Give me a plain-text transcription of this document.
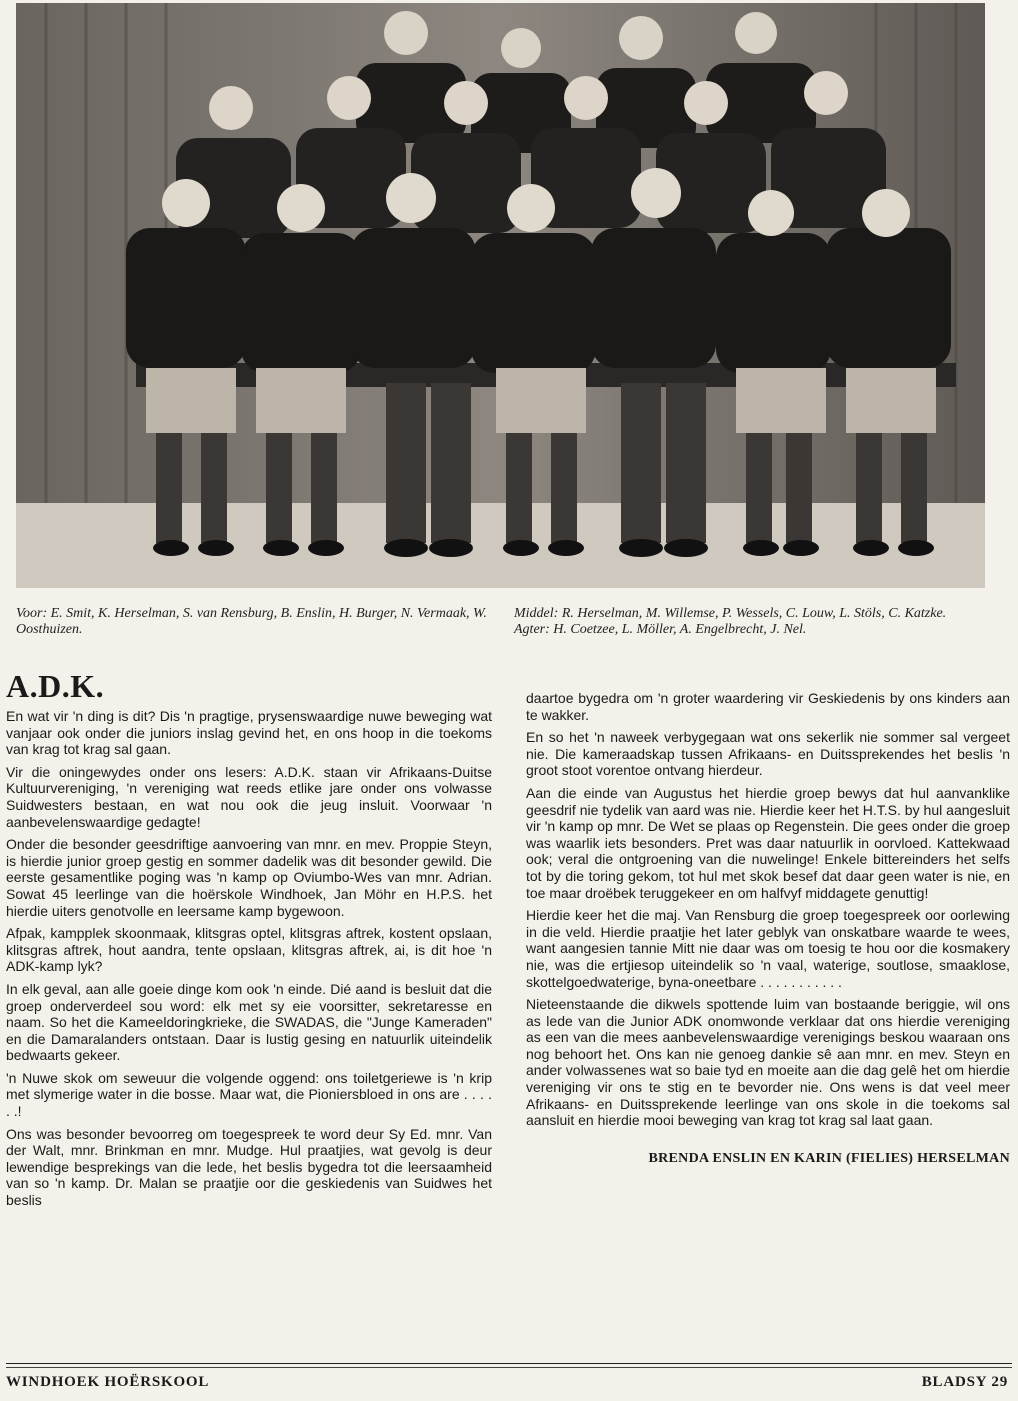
Voor: E. Smit, K. Herselman, S. van Rensburg, B. Enslin, H. Burger, N. Vermaak, W. Oosthuizen.

Middel: R. Herselman, M. Willemse, P. Wessels, C. Louw, L. Stöls, C. Katzke.

Agter: H. Coetzee, L. Möller, A. Engelbrecht, J. Nel.

A.D.K.

En wat vir 'n ding is dit? Dis 'n pragtige, prysenswaardige nuwe beweging wat vanjaar ook onder die juniors inslag gevind het, en ons hoop in die toekoms van krag tot krag sal gaan.

Vir die oningewydes onder ons lesers: A.D.K. staan vir Afrikaans-Duitse Kultuurvereniging, 'n vereniging wat reeds etlike jare onder ons volwasse Suidwesters bestaan, en wat nou ook die jeug insluit. Voorwaar 'n aanbevelenswaardige gedagte!

Onder die besonder geesdriftige aanvoering van mnr. en mev. Proppie Steyn, is hierdie junior groep gestig en sommer dadelik was dit besonder gewild. Die eerste gesamentlike poging was 'n kamp op Oviumbo-Wes van mnr. Adrian. Sowat 45 leerlinge van die hoërskole Windhoek, Jan Möhr en H.P.S. het hierdie uiters genotvolle en leersame kamp bygewoon.

Afpak, kampplek skoonmaak, klitsgras optel, klitsgras aftrek, kostent opslaan, klitsgras aftrek, hout aandra, tente opslaan, klitsgras aftrek, ai, is dit hoe 'n ADK-kamp lyk?

In elk geval, aan alle goeie dinge kom ook 'n einde. Dié aand is besluit dat die groep onderverdeel sou word: elk met sy eie voorsitter, sekretaresse en naam. So het die Kameeldoringkriekе, die SWADAS, die "Junge Kameraden" en die Damaralanders ontstaan. Daar is lustig gesing en natuurlik uiteindelik bedwaarts gekeer.

'n Nuwe skok om seweuur die volgende oggend: ons toiletgeriewe is 'n krip met slymerige water in die bosse. Maar wat, die Pioniersbloed in ons are . . . . . .!

Ons was besonder bevoorreg om toegespreek te word deur Sy Ed. mnr. Van der Walt, mnr. Brinkman en mnr. Mudge. Hul praatjies, wat gevolg is deur lewendige besprekings van die lede, het beslis bygedra tot die leersaamheid van so 'n kamp. Dr. Malan se praatjie oor die geskiedenis van Suidwes het beslis

daartoe bygedra om 'n groter waardering vir Geskiedenis by ons kinders aan te wakker.

En so het 'n naweek verbygegaan wat ons sekerlik nie sommer sal vergeet nie. Die kameraadskap tussen Afrikaans- en Duitssprekendes het beslis 'n groot stoot vorentoe ontvang hierdeur.

Aan die einde van Augustus het hierdie groep bewys dat hul aanvanklike geesdrif nie tydelik van aard was nie. Hierdie keer het H.T.S. by hul aangesluit vir 'n kamp op mnr. De Wet se plaas op Regenstein. Die gees onder die groep was waarlik iets besonders. Pret was daar natuurlik in oorvloed. Kattekwaad ook; veral die ontgroening van die nuwelinge! Enkele bittereinders het selfs tot by die toring gekom, tot hul met skok besef dat daar geen water is nie, en toe maar droëbek teruggekeer en om halfvyf middagete genuttig!

Hierdie keer het die maj. Van Rensburg die groep toegespreek oor oorlewing in die veld. Hierdie praatjie het later geblyk van onskatbare waarde te wees, want aangesien tannie Mitt nie daar was om toesig te hou oor die kosmakery nie, was die ertjiesop uiteindelik so 'n vaal, waterige, soutlose, smaaklose, skottelgoedwaterige, byna-oneetbare . . . . . . . . . . .

Nieteenstaande die dikwels spottende luim van bostaande beriggie, wil ons as lede van die Junior ADK onomwonde verklaar dat ons hierdie vereniging as een van die mees aanbevelenswaardige verenigings beskou waaraan ons nog behoort het. Ons kan nie genoeg dankie sê aan mnr. en mev. Steyn en ander volwassenes wat so baie tyd en moeite aan die dag gelê het om hierdie vereniging vir ons te stig en te bevorder nie. Ons wens is dat veel meer Afrikaans- en Duitssprekende leerlinge van ons skole in die toekoms sal aansluit en hierdie mooi beweging van krag tot krag sal laat gaan.

BRENDA ENSLIN EN KARIN (FIELIES) HERSELMAN

WINDHOEK HOËRSKOOL	BLADSY 29
